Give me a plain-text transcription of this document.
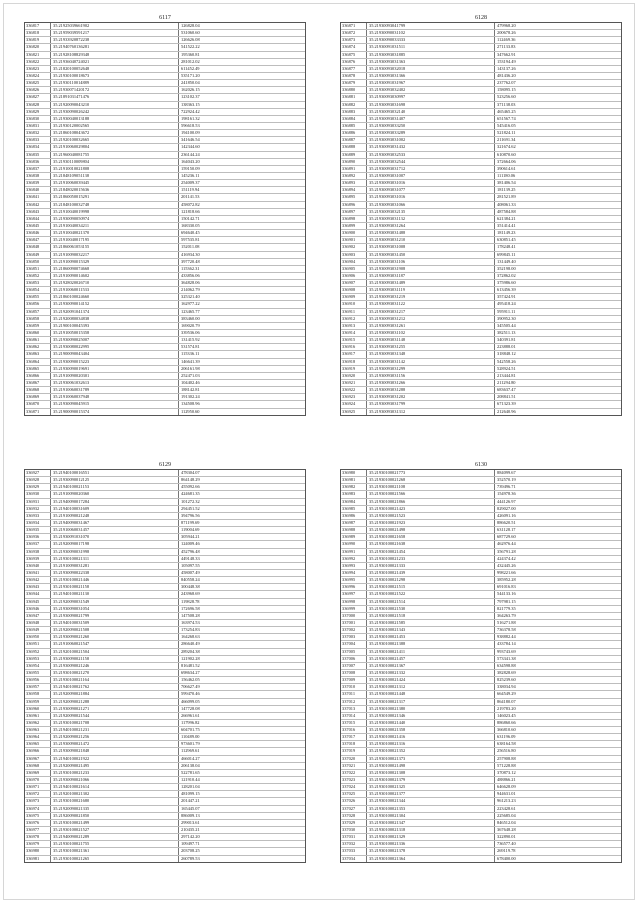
6117
336817	35.21925039661902	126828.04
336818	35.21959039591217	531060.60
336819	35.21933920872238	126626.08
336820	35.21940760136281	541522.22
336821	35.21928108829348	195360.81
336822	35.21936040724021	281012.02
336823	35.21820100052648	611452.49
336824	35.21930100018673	535171.20
336825	35.21930110014889	241850.04
336826	35.21930071420172	162026.15
336827	35.21891031471476	123102.37
336828	35.21920090043210	138363.15
336829	35.21930090026242	722924.42
336830	35.21930040013188	198161.32
336831	35.21930120002565	596618.53
336832	35.21860108043672	194100.09
336833	35.21920100032665	341646.54
336834	35.21910060029804	142344.60
336835	35.21960040081755	236144.24
336836	35.21930110009804	164043.20
336837	35.21910010021808	159150.09
336838	35.21848109051138	145236.11
336839	35.21910060039445	254009.37
336840	35.21848020015636	151119.94
336841	35.21860050015291	201141.53
336842	35.21848100032748	458072.82
336843	35.21910040019998	121818.66
336844	35.21930090050974	150142.71
336845	35.21910040034211	168330.05
336846	35.21910040021370	694640.45
336847	35.21910040017195	597535.81
336848	35.21860061053155	152011.08
336849	35.21910090032217	416934.30
336850	35.21910090015329	397720.48
336851	35.21860090074668	115362.31
336852	35.21910090014602	433856.06
336853	35.21928020026710	364828.06
336854	35.21910060011533	214062.79
336855	35.21860100024660	325321.40
336856	35.21930090014152	162977.22
336857	35.21920091041374	123465.77
336858	35.21920080034838	383460.00
336859	35.21900100045393	169020.79
336860	35.21910050015358	339536.06
336861	35.21930090025007	131415.92
336862	35.21930080022995	531574.81
336863	35.21900090043404	115336.11
336864	35.21930090015223	146641.39
336865	35.21930090019691	206161.98
336866	35.21910090020301	252471.03
336867	35.21930061032613	104402.46
336868	35.21910060031789	188142.81
336869	35.21910060037948	191302.24
336870	35.21930090045915	134508.96
336871	35.21900090015374	112950.60
6128
336871	35.21930093041799	479968.20
336872	35.21930090031102	200678.26
336873	35.21930090033333	112469.36
336874	35.21930091031511	271133.83
336875	35.21930093031885	347662.91
336876	35.21930093031363	153194.49
336877	35.21930093032018	143137.26
336878	35.21930093031366	481436.20
336879	35.21930091031967	237762.07
336880	35.21930093032402	158095.15
336881	35.21930093030997	523256.60
336882	35.21930093031698	371138.03
336883	35.21930093032140	465465.25
336884	35.21930093031407	651567.74
336885	35.21930093033250	545416.05
336886	35.21930093033289	521824.11
336887	35.21930093031002	211691.34
336888	35.21930093031432	321674.62
336889	35.21930093032533	610870.60
336890	35.21930093032544	372664.06
336891	35.21930093031712	390614.61
336892	35.21930093031007	111180.06
336893	35.21930093031016	381406.54
336894	35.21930093031077	181139.25
336895	35.21930093031016	281521.89
336896	35.21930093031066	408061.33
336897	35.21930093032135	487584.88
336898	35.21930093031132	621384.21
336899	35.21930093031264	351414.41
336900	35.21930093031488	181149.23
336901	35.21930093031210	630851.45
336902	35.21930093031008	178248.41
336903	35.21930093031450	699845.11
336904	35.21930093031106	131449.40
336905	35.21930093031908	352198.00
336906	35.21930093031187	372862.02
336907	35.21930093031489	375986.60
336908	35.21930093031119	613456.39
336909	35.21930093031219	357424.91
336910	35.21930093031122	495418.24
336911	35.21930093031217	595911.11
336912	35.21930093031212	390952.30
336913	35.21930093031261	345505.44
336914	35.21930093031102	382511.13
336915	35.21930093031148	340391.81
336916	35.21930093031255	223888.01
336917	35.21930093031348	318848.12
336918	35.21930093031142	542558.26
336919	35.21930093031299	528924.51
336920	35.21930093031156	213444.81
336921	35.21930093031266	211294.80
336922	35.21930093031288	683637.47
336923	35.21930093031202	208841.51
336924	35.21930093031799	671323.39
336925	35.21930093031312	212640.96
6129
336927	35.21940100016551	478304.07
336928	35.21930090012125	864148.29
336929	35.21940100021153	455092.66
336930	35.21910090020360	424681.35
336931	35.21940090017284	101272.32
336932	35.21940100031609	294451.52
336933	35.21910090021248	394796.56
336934	35.21940090031467	871199.69
336935	35.21910060031457	119004.69
336936	35.21930091031070	305944.21
336937	35.21920090017198	124009.46
336938	35.21930090031998	452796.48
336939	35.21930100021311	449148.33
336940	35.21910090031281	105097.55
336941	35.21930090022338	458007.49
336942	35.21930100021446	840558.24
336943	35.21930100021158	300448.38
336944	35.21940100021130	243968.69
336945	35.21920090031549	119828.78
336946	35.21930090031054	172696.58
336947	35.21930090021799	147508.28
336948	35.21940100031509	163974.53
336949	35.21920090021508	173254.83
336950	35.21930090021260	164268.63
336951	35.21910060021547	286640.49
336952	35.21920100021504	289204.38
336953	35.21930090021158	121902.28
336954	35.21930090021246	816481.52
336955	35.21930100021270	698634.27
336956	35.21930100021164	156462.05
336957	35.21940100021762	706627.49
336958	35.21920090021884	599470.46
336959	35.21920090021288	466099.05
336960	35.21930090021271	147728.08
336961	35.21920090021544	266961.61
336962	35.21930100021708	117996.82
336963	35.21940100021231	604701.75
336964	35.21920090021256	110489.00
336965	35.21930090021472	973601.79
336966	35.21930090021848	112969.61
336967	35.21940100021922	466014.27
336968	35.21920090021495	206138.04
336969	35.21930100021233	522781.65
336970	35.21930090021066	121910.44
336971	35.21940100021614	128201.04
336972	35.21920100021302	481099.15
336973	35.21930100021680	201447.21
336974	35.21920090021335	165445.07
336975	35.21920090021850	886009.13
336976	35.21930100021499	299013.61
336977	35.21930100021527	210435.21
336978	35.21940090021289	297142.20
336979	35.21930100021755	109497.71
336980	35.21930100021361	203708.25
336981	35.21930100021265	260789.53
6130
336980	35.21930100021773	884099.67
336981	35.21930100021268	352570.19
336982	35.21930100021108	739496.71
336983	35.21930100021566	154978.36
336984	35.21930100021866	444126.97
336985	35.21930100021423	829027.00
336986	35.21930100021523	426091.16
336987	35.21930100021923	886620.51
336988	35.21930100021498	631128.17
336989	35.21930100021658	687729.60
336990	35.21930100021638	462976.44
336991	35.21930100021454	356791.28
336992	35.21930100021233	424374.42
336993	35.21930100021333	432445.26
336994	35.21930100021439	998221.66
336995	35.21930100021298	385952.28
336996	35.21930100021515	691016.83
336997	35.21930100021522	544133.16
336998	35.21930100021514	797981.15
336999	35.21930100021530	821779.35
337000	35.21930100021518	364263.79
337001	35.21930100021585	516271.88
337002	35.21930100021343	736378.58
337003	35.21930100021453	938882.44
337004	35.21930100021388	433784.14
337005	35.21930100021411	993743.69
337006	35.21930100021457	573341.38
337007	35.21930100021367	634598.88
337008	35.21930100021332	382828.69
337009	35.21930100021424	825239.60
337010	35.21930100021312	338034.94
337011	35.21930100021448	664549.29
337012	35.21930100021317	864180.07
337013	35.21930100021380	219783.20
337014	35.21930100021346	146023.45
337015	35.21930100021440	886860.66
337016	35.21930100021358	366810.60
337017	35.21930100021416	631196.09
337018	35.21930100021316	638164.58
337019	35.21930100021352	256516.80
337020	35.21930100021373	257908.88
337021	35.21930100021498	571228.88
337022	35.21930100021308	370873.12
337023	35.21930100021379	488866.21
337024	35.21930100021325	646628.09
337025	35.21930100021377	944631.01
337026	35.21930100021344	961213.23
337027	35.21930100021353	223428.61
337028	35.21930100021304	225685.04
337029	35.21930100021347	846512.04
337030	35.21930100021318	367648.28
337031	35.21930100021329	322890.01
337032	35.21930100021336	736577.40
337033	35.21930100021378	269119.78
337034	35.21930100021364	678400.00
